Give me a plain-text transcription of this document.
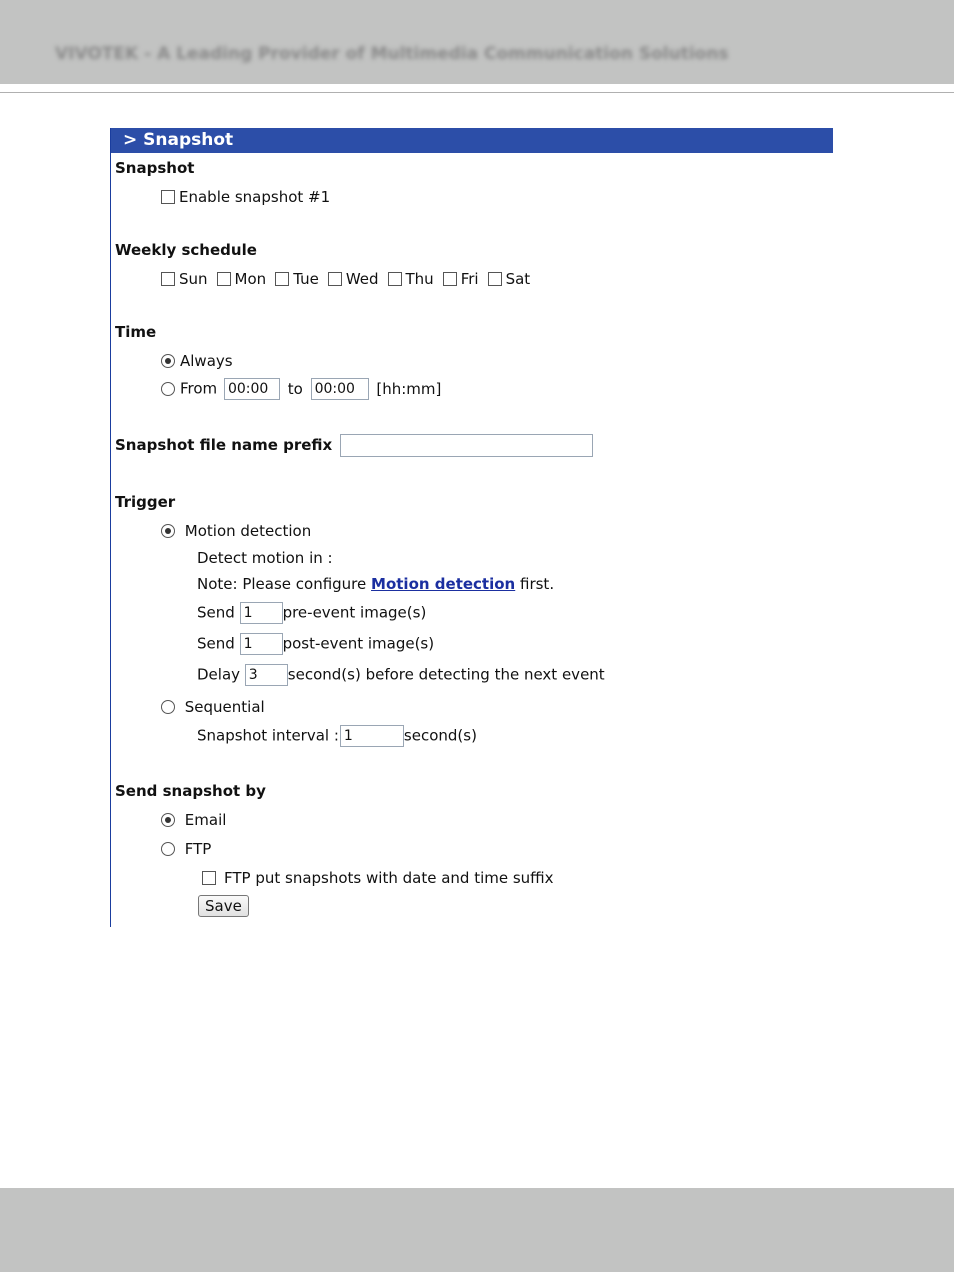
VIVOTEK - A Leading Provider of Multimedia Communication Solutions
> Snapshot
Snapshot
Enable snapshot #1
Weekly schedule
Sun Mon Tue Wed Thu Fri Sat
Time
Always
From 00:00 to 00:00 [hh:mm]
Snapshot file name prefix
Trigger
Motion detection
Detect motion in :
Note: Please configure Motion detection first.
Send 1 pre-event image(s)
Send 1 post-event image(s)
Delay 3 second(s) before detecting the next event
Sequential
Snapshot interval : 1	second(s)
Send snapshot by
Email
FTP
FTP put snapshots with date and time suffix
Save
